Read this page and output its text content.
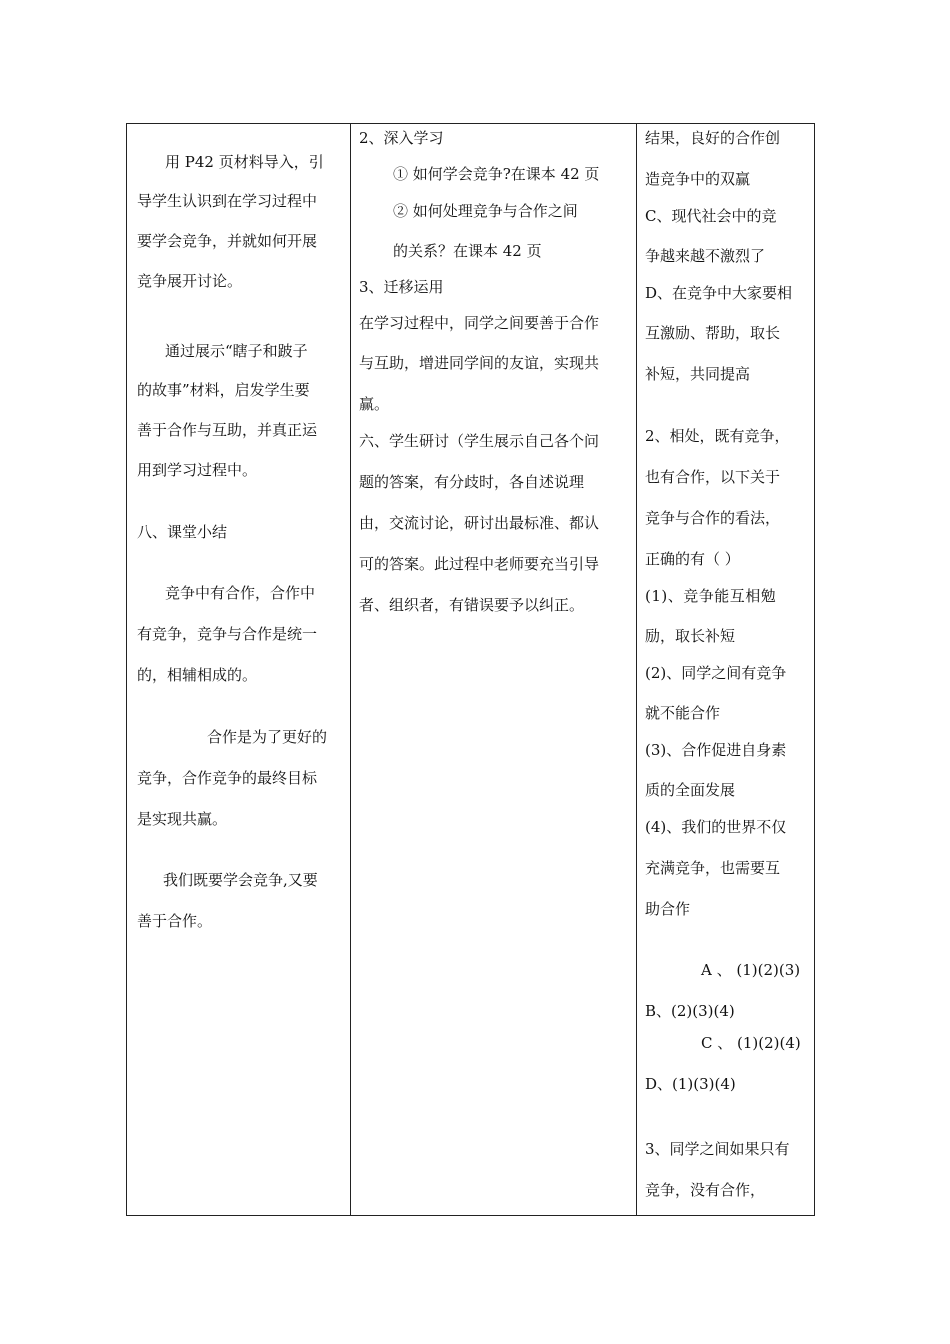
用 P42 页材料导入，引
导学生认识到在学习过程中
要学会竞争，并就如何开展
竞争展开讨论。
通过展示“瞎子和跛子
的故事”材料，启发学生要
善于合作与互助，并真正运
用到学习过程中。
八、课堂小结
竞争中有合作，合作中
有竞争，竞争与合作是统一
的，相辅相成的。
合作是为了更好的
竞争，合作竞争的最终目标
是实现共赢。
我们既要学会竞争,又要
善于合作。
2、深入学习
① 如何学会竞争?在课本 42 页
② 如何处理竞争与合作之间
的关系？在课本 42 页
3、迁移运用
在学习过程中，同学之间要善于合作
与互助，增进同学间的友谊，实现共
赢。
六、学生研讨（学生展示自己各个问
题的答案，有分歧时，各自述说理
由，交流讨论，研讨出最标准、都认
可的答案。此过程中老师要充当引导
者、组织者，有错误要予以纠正。
结果，良好的合作创
造竞争中的双赢
C、现代社会中的竞
争越来越不激烈了
D、在竞争中大家要相
互激励、帮助，取长
补短，共同提高
2、相处，既有竞争，
也有合作，以下关于
竞争与合作的看法，
正确的有（ ）
(1)、竞争能互相勉
励，取长补短
(2)、同学之间有竞争
就不能合作
(3)、合作促进自身素
质的全面发展
(4)、我们的世界不仅
充满竞争，也需要互
助合作
A 、 (1)(2)(3)
B、(2)(3)(4)
C 、 (1)(2)(4)
D、(1)(3)(4)
3、同学之间如果只有
竞争，没有合作，
